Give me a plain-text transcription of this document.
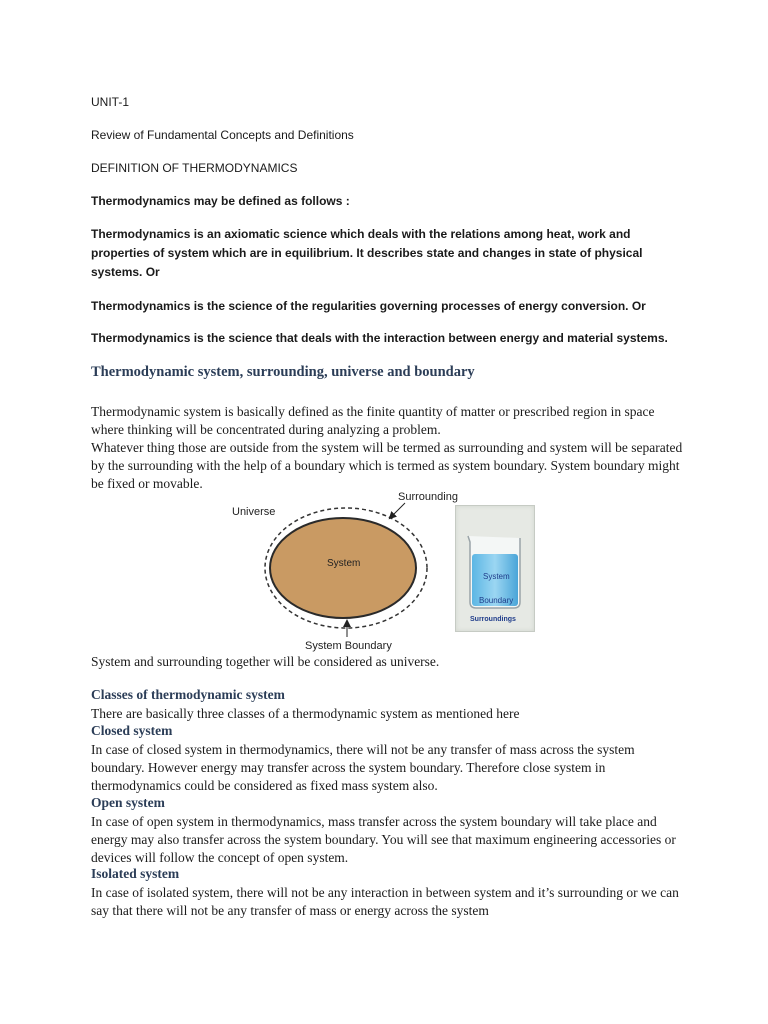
UNIT-1

Review of Fundamental Concepts and Definitions

DEFINITION OF THERMODYNAMICS

Thermodynamics may be defined as follows :

Thermodynamics is an axiomatic science which deals with the relations among heat, work and properties of system which are in equilibrium. It describes state and changes in state of physical systems. Or

Thermodynamics is the science of the regularities governing processes of energy conversion. Or

Thermodynamics is the science that deals with the interaction between energy and material systems.

Thermodynamic system, surrounding, universe and boundary

Thermodynamic system is basically defined as the finite quantity of matter or prescribed region in space where thinking will be concentrated during analyzing a problem.

Whatever thing those are outside from the system will be termed as surrounding and system will be separated by the surrounding with the help of a boundary which is termed as system boundary. System boundary might be fixed or movable.

Universe
Surrounding
System
System Boundary
System
Boundary
Surroundings

System and surrounding together will be considered as universe.

Classes of thermodynamic system

There are basically three classes of a thermodynamic system as mentioned here

Closed system

In case of closed system in thermodynamics, there will not be any transfer of mass across the system boundary. However energy may transfer across the system boundary. Therefore close system in thermodynamics could be considered as fixed mass system also.

Open system

In case of open system in thermodynamics, mass transfer across the system boundary will take place and energy may also transfer across the system boundary. You will see that maximum engineering accessories or devices will follow the concept of open system.

Isolated system

In case of isolated system, there will not be any interaction in between system and it’s surrounding or we can say that there will not be any transfer of mass or energy across the system
